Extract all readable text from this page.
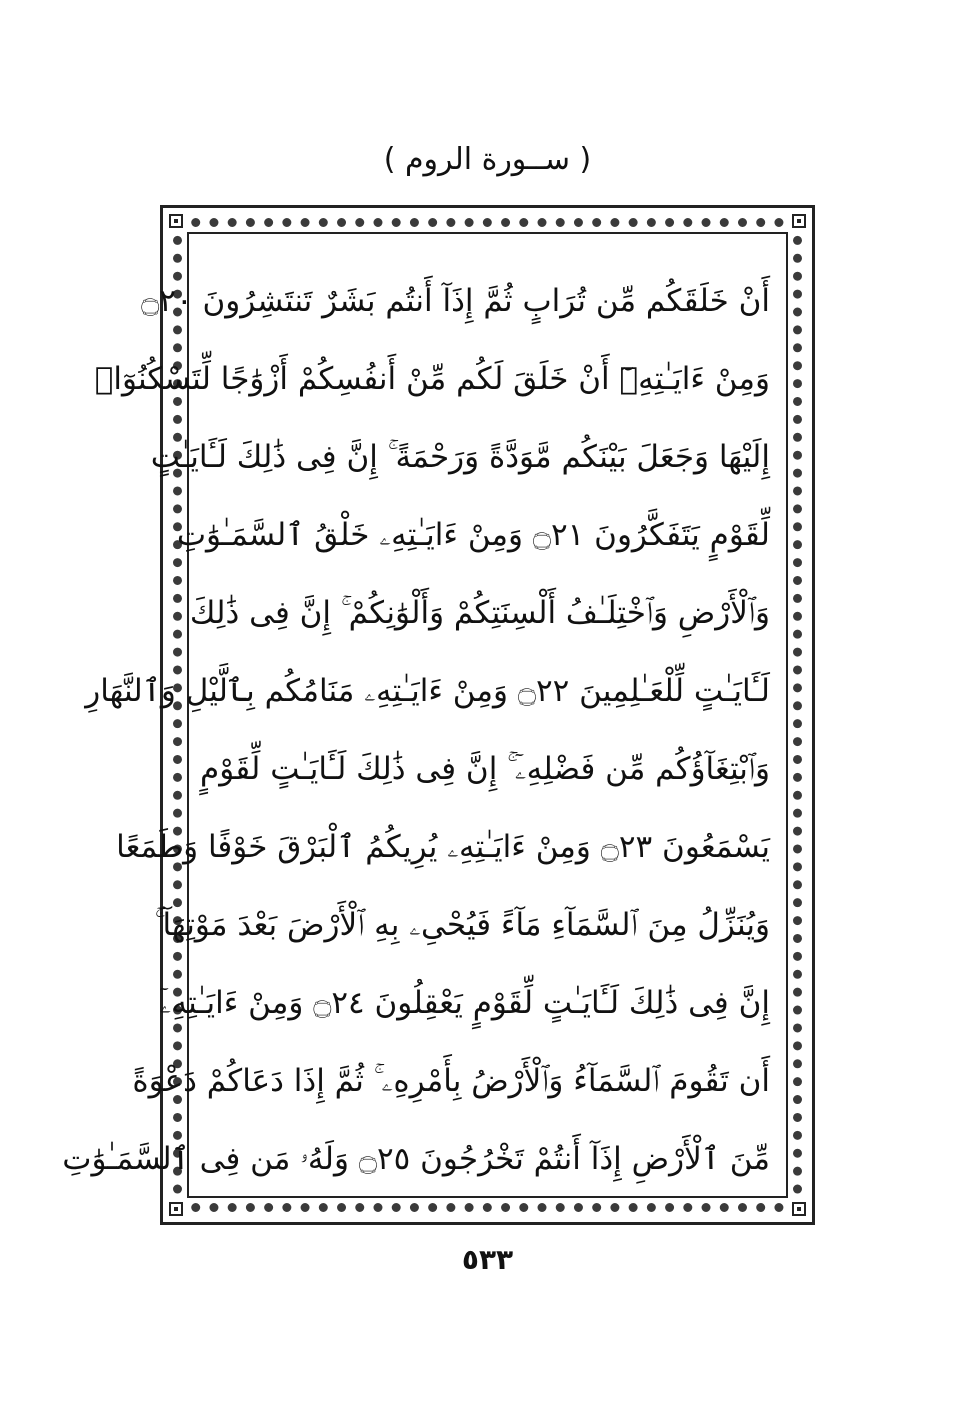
( ســورة الروم )
أَنْ خَلَقَكُم مِّن تُرَابٍ ثُمَّ إِذَآ أَنتُم بَشَرٌ تَنتَشِرُونَ ۝٢٠
وَمِنْ ءَايَـٰتِهِۦٓ أَنْ خَلَقَ لَكُم مِّنْ أَنفُسِكُمْ أَزْوَٰجًا لِّتَسْكُنُوٓا۟
إِلَيْهَا وَجَعَلَ بَيْنَكُم مَّوَدَّةً وَرَحْمَةً ۚ إِنَّ فِى ذَٰلِكَ لَـَٔايَـٰتٍ
لِّقَوْمٍ يَتَفَكَّرُونَ ۝٢١ وَمِنْ ءَايَـٰتِهِۦ خَلْقُ ٱلسَّمَـٰوَٰتِ
وَٱلْأَرْضِ وَٱخْتِلَـٰفُ أَلْسِنَتِكُمْ وَأَلْوَٰنِكُمْ ۚ إِنَّ فِى ذَٰلِكَ
لَـَٔايَـٰتٍ لِّلْعَـٰلِمِينَ ۝٢٢ وَمِنْ ءَايَـٰتِهِۦ مَنَامُكُم بِٱلَّيْلِ وَٱلنَّهَارِ
وَٱبْتِغَآؤُكُم مِّن فَضْلِهِۦٓ ۚ إِنَّ فِى ذَٰلِكَ لَـَٔايَـٰتٍ لِّقَوْمٍ
يَسْمَعُونَ ۝٢٣ وَمِنْ ءَايَـٰتِهِۦ يُرِيكُمُ ٱلْبَرْقَ خَوْفًا وَطَمَعًا
وَيُنَزِّلُ مِنَ ٱلسَّمَآءِ مَآءً فَيُحْىِۦ بِهِ ٱلْأَرْضَ بَعْدَ مَوْتِهَآ ۚ
إِنَّ فِى ذَٰلِكَ لَـَٔايَـٰتٍ لِّقَوْمٍ يَعْقِلُونَ ۝٢٤ وَمِنْ ءَايَـٰتِهِۦٓ
أَن تَقُومَ ٱلسَّمَآءُ وَٱلْأَرْضُ بِأَمْرِهِۦ ۚ ثُمَّ إِذَا دَعَاكُمْ دَعْوَةً
مِّنَ ٱلْأَرْضِ إِذَآ أَنتُمْ تَخْرُجُونَ ۝٢٥ وَلَهُۥ مَن فِى ٱلسَّمَـٰوَٰتِ
٥٣٣
